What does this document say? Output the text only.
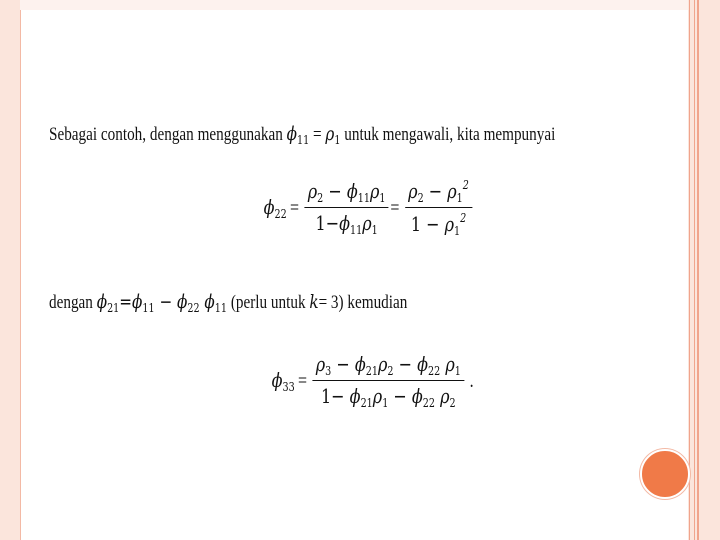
Sebagai contoh, dengan menggunakan $\phi_{11} = \rho_1$ untuk mengawali, kita mempunyai
$\phi_{22} = \frac{\rho_2 - \phi_{11}\rho_1}{1-\phi_{11}\rho_1} = \frac{\rho_2 - \rho_1^2}{1 - \rho_1^2}$
dengan $\phi_{21}=\phi_{11} - \phi_{22}$ $\phi_{11}$ (perlu untuk k= 3) kemudian
$\phi_{33} = \frac{\rho_3 - \phi_{21}\rho_2 - \phi_{22} \rho_1}{1- \phi_{21}\rho_1 - \phi_{22} \rho_2}$ .
